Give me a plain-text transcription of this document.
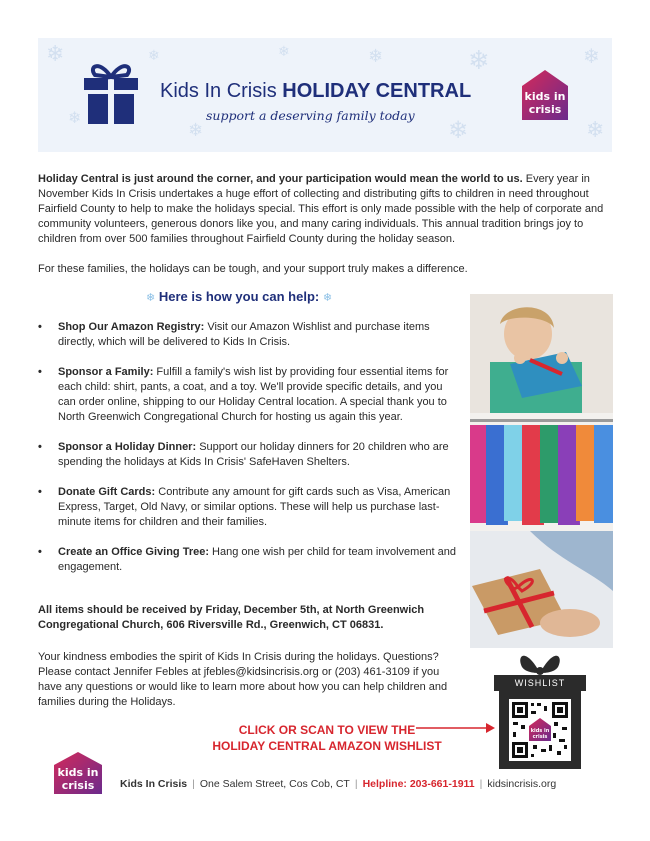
❄
❄
❄
❄
❄	❄
❄
❄	❄
❄
Kids In Crisis HOLIDAY CENTRAL
support a deserving family today
kids in
crisis
Holiday Central is just around the corner, and your participation would mean the world to us. Every year in November Kids In Crisis undertakes a huge effort of collecting and distributing gifts to children in need throughout Fairfield County to help to make the holidays special. This effort is only made possible with the help of corporate and community volunteers, generous donors like you, and many caring individuals. This annual tradition brings joy to children from over 500 families throughout Fairfield County during the holiday season.
For these families, the holidays can be tough, and your support truly makes a difference.
❄ Here is how you can help: ❄
• Shop Our Amazon Registry: Visit our Amazon Wishlist and purchase items directly, which will be delivered to Kids In Crisis.
• Sponsor a Family: Fulfill a family's wish list by providing four essential items for each child: shirt, pants, a coat, and a toy. We'll provide specific details, and you can order online, shipping to our Holiday Central location. A special thank you to North Greenwich Congregational Church for hosting us again this year.
• Sponsor a Holiday Dinner: Support our holiday dinners for 20 children who are spending the holidays at Kids In Crisis' SafeHaven Shelters.
• Donate Gift Cards: Contribute any amount for gift cards such as Visa, American Express, Target, Old Navy, or similar options. These will help us purchase last-minute items for children and their families.
• Create an Office Giving Tree: Hang one wish per child for team involvement and engagement.
All items should be received by Friday, December 5th, at North Greenwich Congregational Church, 606 Riversville Rd., Greenwich, CT 06831.
Your kindness embodies the spirit of Kids In Crisis during the holidays. Questions? Please contact Jennifer Febles at jfebles@kidsincrisis.org or (203) 461-3109 if you have any questions or would like to learn more about how you can help children and families during the Holidays.
CLICK OR SCAN TO VIEW THE
HOLIDAY CENTRAL AMAZON WISHLIST
WISHLIST
kids in
crisis
kids in
crisis Kids In Crisis | One Salem Street, Cos Cob, CT | Helpline: 203-661-1911 | kidsincrisis.org
